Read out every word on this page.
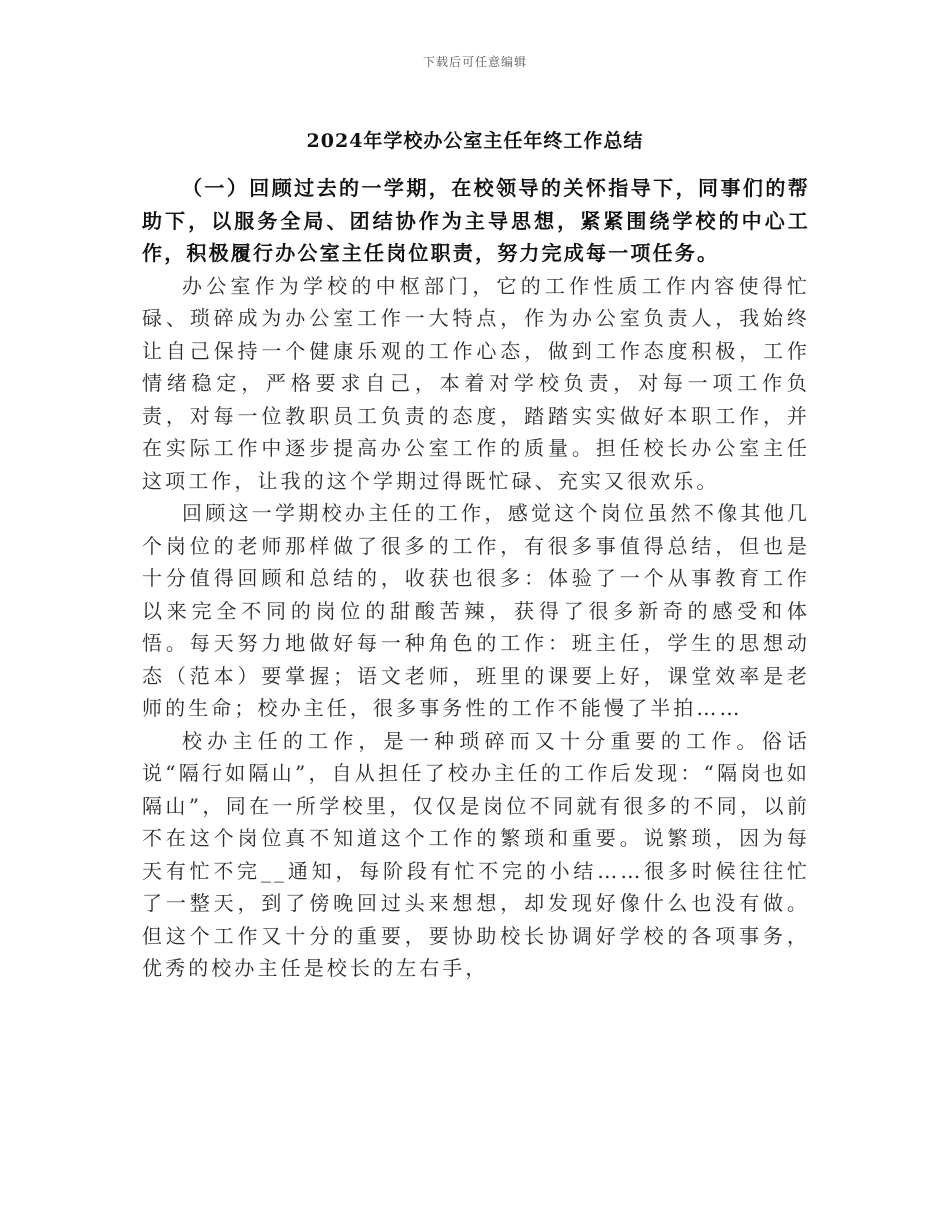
下载后可任意编辑
2024年学校办公室主任年终工作总结

（一）回顾过去的一学期，在校领导的关怀指导下，同事们的帮助下，以服务全局、团结协作为主导思想，紧紧围绕学校的中心工作，积极履行办公室主任岗位职责，努力完成每一项任务。

办公室作为学校的中枢部门，它的工作性质工作内容使得忙碌、琐碎成为办公室工作一大特点，作为办公室负责人，我始终让自己保持一个健康乐观的工作心态，做到工作态度积极，工作情绪稳定，严格要求自己，本着对学校负责，对每一项工作负责，对每一位教职员工负责的态度，踏踏实实做好本职工作，并在实际工作中逐步提高办公室工作的质量。担任校长办公室主任这项工作，让我的这个学期过得既忙碌、充实又很欢乐。

回顾这一学期校办主任的工作，感觉这个岗位虽然不像其他几个岗位的老师那样做了很多的工作，有很多事值得总结，但也是十分值得回顾和总结的，收获也很多：体验了一个从事教育工作以来完全不同的岗位的甜酸苦辣，获得了很多新奇的感受和体悟。每天努力地做好每一种角色的工作：班主任，学生的思想动态（范本）要掌握；语文老师，班里的课要上好，课堂效率是老师的生命；校办主任，很多事务性的工作不能慢了半拍……

校办主任的工作，是一种琐碎而又十分重要的工作。俗话说“隔行如隔山”，自从担任了校办主任的工作后发现：“隔岗也如隔山”，同在一所学校里，仅仅是岗位不同就有很多的不同，以前不在这个岗位真不知道这个工作的繁琐和重要。说繁琐，因为每天有忙不完__通知，每阶段有忙不完的小结……很多时候往往忙了一整天，到了傍晚回过头来想想，却发现好像什么也没有做。但这个工作又十分的重要，要协助校长协调好学校的各项事务，优秀的校办主任是校长的左右手，
